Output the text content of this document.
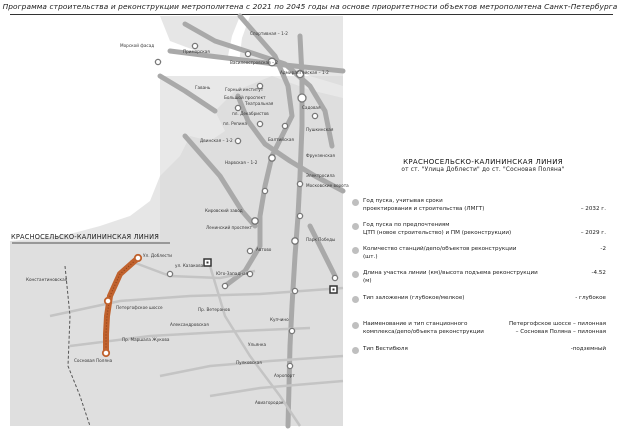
Программа строительства и реконструкции метрополитена с 2021 по 2045 годы на основе приоритетности объектов метрополитена Санкт-Петербурга
Морской фасад
Приморская
Спортивная – 1-2
Василеостровская – 2
Адмиралтейская – 1-2
Гавань	Горный институт
Большой проспект
Театральная
пл. Декабристов
Садовая
Пушкинская
пл. Репина
Балтийская
Двинская – 1-2
Нарвская – 1-2
Фрунзенская
Электросила
Московские ворота
Парк Победы
Кировский завод
Автово
Ленинский проспект
ул. Казакова
Юго-Западная
Пр. Ветеранов
Ул. Доблести
Петергофское шоссе
Александровская
Пр. Маршала Жукова
Константиновская
Сосновая Поляна
Купчино
Ульянка
Аэропорт
Пулковская
Авиагородок
КРАСНОСЕЛЬСКО-КАЛИНИНСКАЯ ЛИНИЯ
КРАСНОСЕЛЬСКО-КАЛИНИНСКАЯ ЛИНИЯ
от ст. "Улица Доблести" до ст. "Сосновая Поляна"
Год пуска, учитывая сроки
проектирования и строительства (ЛМГТ)	– 2032 г.
Год пуска по предпочтениям
ЦТП (новое строительство) и ПМ (реконструкции)	– 2029 г.
Количество станций/депо/объектов реконструкции
(шт.)
-2
Длина участка линии (км)/высота подъема реконструкции
(м)
-4.52
Тип заложения (глубокое/мелкое)	- глубокое
Наименование и тип станционного
комплекса/депо/объекта реконструкции
Петергофское шоссе – пилонная
– Сосновая Поляна – пилонная
Тип Вестибюля	-подземный
